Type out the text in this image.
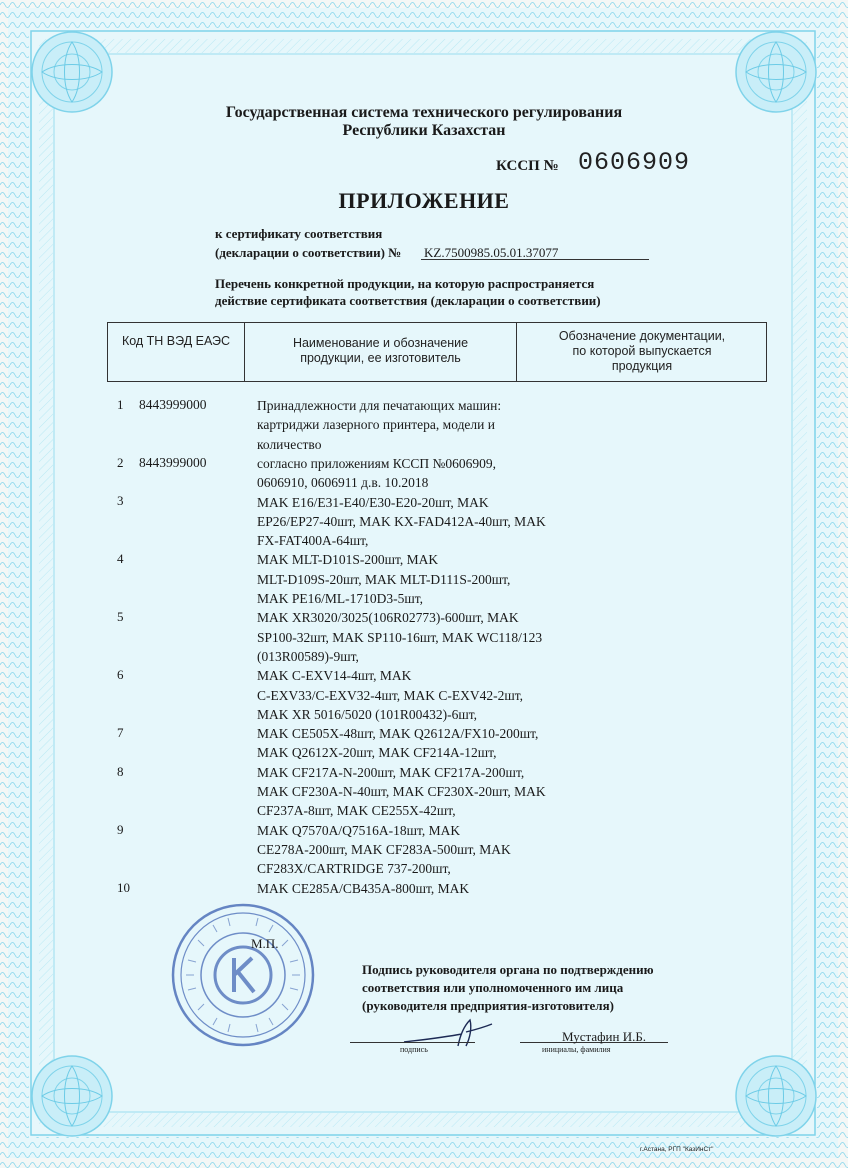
Государственная система технического регулирования
Республики Казахстан
КССП № 0606909
ПРИЛОЖЕНИЕ
к сертификату соответствия
(декларации о соответствии) № KZ.7500985.05.01.37077
Перечень конкретной продукции, на которую распространяется
действие сертификата соответствия (декларации о соответствии)
Код ТН ВЭД ЕАЭС	Наименование и обозначение
продукции, ее изготовитель
Обозначение документации,
по которой выпускается
продукция
1 8443999000
2 8443999000
3
4
5
6
7
8
9
10
Принадлежности для печатающих машин:
картриджи лазерного принтера, модели и
количество
согласно приложениям КССП №0606909,
0606910, 0606911 д.в. 10.2018
MAK E16/E31-E40/E30-E20-20шт, MAK
EP26/EP27-40шт, MAK KX-FAD412A-40шт, MAK
FX-FAT400A-64шт,
MAK MLT-D101S-200шт, MAK
MLT-D109S-20шт, MAK MLT-D111S-200шт,
MAK PE16/ML-1710D3-5шт,
MAK XR3020/3025(106R02773)-600шт, MAK
SP100-32шт, MAK SP110-16шт, MAK WC118/123
(013R00589)-9шт,
MAK C-EXV14-4шт, MAK
C-EXV33/C-EXV32-4шт, MAK C-EXV42-2шт,
MAK XR 5016/5020 (101R00432)-6шт,
MAK CE505X-48шт, MAK Q2612A/FX10-200шт,
MAK Q2612X-20шт, MAK CF214A-12шт,
MAK CF217A-N-200шт, MAK CF217A-200шт,
MAK CF230A-N-40шт, MAK CF230X-20шт, MAK
CF237A-8шт, MAK CE255X-42шт,
MAK Q7570A/Q7516A-18шт, MAK
CE278A-200шт, MAK CF283A-500шт, MAK
CF283X/CARTRIDGE 737-200шт,
MAK CE285A/CB435A-800шт, MAK
М.П.
Подпись руководителя органа по подтверждению
соответствия или уполномоченного им лица
(руководителя предприятия-изготовителя)
подпись	инициалы, фамилия
Мустафин И.Б.
г.Астана, РГП "КазИнСт"
